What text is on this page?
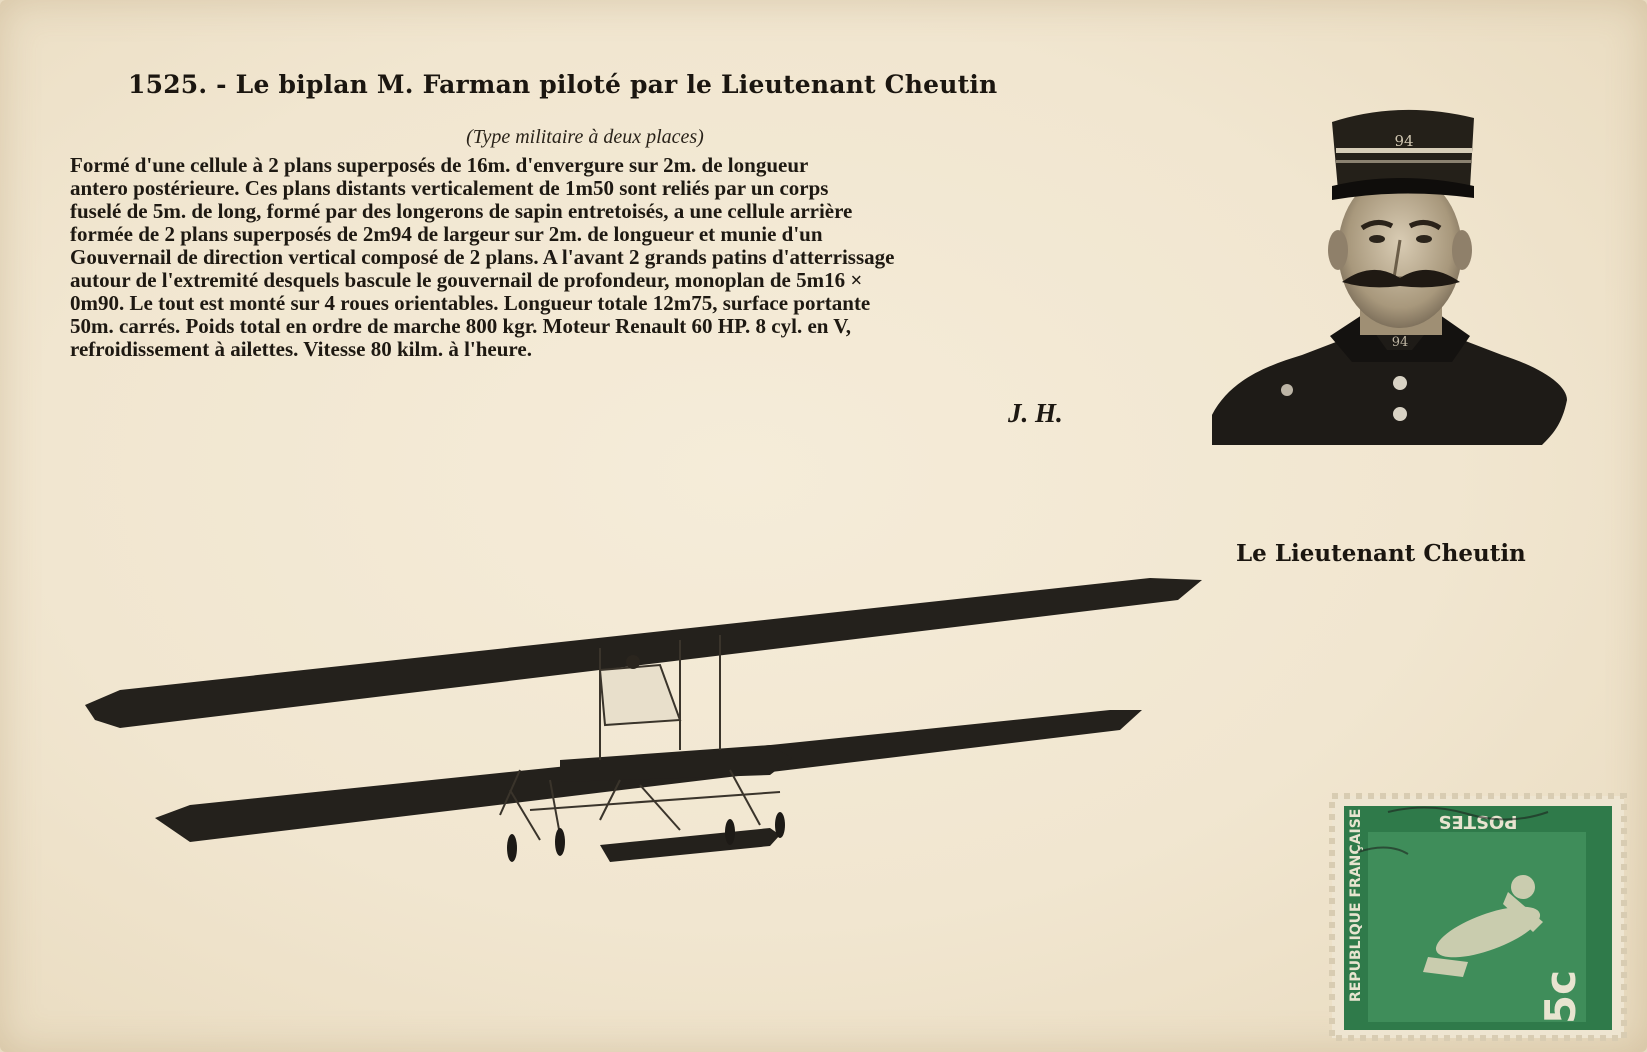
1525. - Le biplan M. Farman piloté par le Lieutenant Cheutin
(Type militaire à deux places)
Formé d'une cellule à 2 plans superposés de 16m. d'envergure sur 2m. de longueur
antero postérieure. Ces plans distants verticalement de 1m50 sont reliés par un corps
fuselé de 5m. de long, formé par des longerons de sapin entretoisés, a une cellule arrière
formée de 2 plans superposés de 2m94 de largeur sur 2m. de longueur et munie d'un
Gouvernail de direction vertical composé de 2 plans. A l'avant 2 grands patins d'atterrissage
autour de l'extremité desquels bascule le gouvernail de profondeur, monoplan de 5m16 ×
0m90. Le tout est monté sur 4 roues orientables. Longueur totale 12m75, surface portante
50m. carrés. Poids total en ordre de marche 800 kgr. Moteur Renault 60 HP. 8 cyl. en V,
refroidissement à ailettes. Vitesse 80 kilm. à l'heure.
J. H.
94
94
Le Lieutenant Cheutin
POSTES
REPUBLIQUE FRANÇAISE	5c
